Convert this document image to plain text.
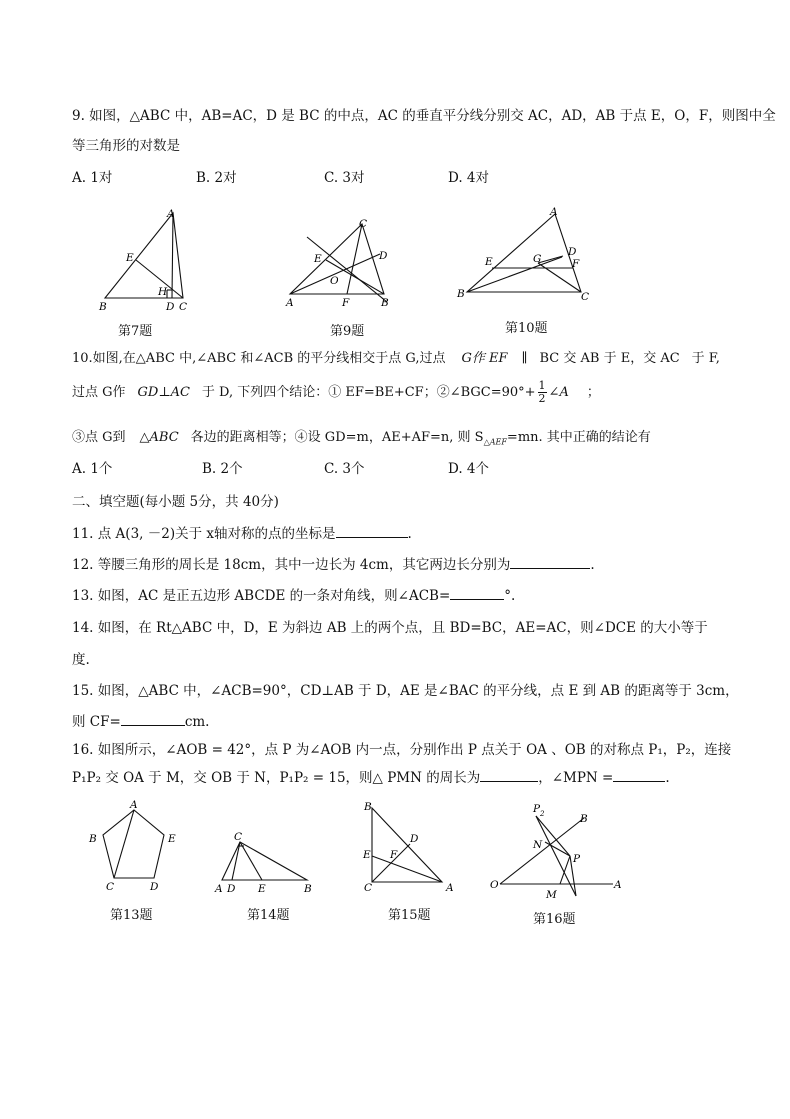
9. 如图，△ABC 中，AB=AC，D 是 BC 的中点，AC 的垂直平分线分别交 AC，AD，AB 于点 E，O，F，则图中全
等三角形的对数是
A. 1对	B. 2对	C. 3对	D. 4对
A
E
H
B	D C
第7题
C
E	D
O
A	F	B
第9题
A
D
E	G	F
B	C
第10题
10.如图,在△ABC 中,∠ABC 和∠ACB 的平分线相交于点 G,过点 G作 EF ∥ BC 交 AB 于 E，交 AC 于 F,
过点 G作 GD⊥AC 于 D, 下列四个结论：① EF=BE+CF；②∠BGC=90°+ $\frac{1}{2}$ ∠A ；
③点 G到 △ABC 各边的距离相等；④设 GD=m，AE+AF=n, 则 $S_{\triangle AEF}=mn$. 其中正确的结论有
A. 1个	B. 2个	C. 3个	D. 4个
二、填空题(每小题 5分，共 40分)
11. 点 A(3, －2)关于 x轴对称的点的坐标是	.
12. 等腰三角形的周长是 18cm，其中一边长为 4cm，其它两边长分别为	.
13. 如图，AC 是正五边形 ABCDE 的一条对角线，则∠ACB=	°.
14. 如图，在 Rt△ABC 中，D，E 为斜边 AB 上的两个点，且 BD=BC，AE=AC，则∠DCE 的大小等于
度.
15. 如图，△ABC 中，∠ACB=90°，CD⊥AB 于 D，AE 是∠BAC 的平分线，点 E 到 AB 的距离等于 3cm，
则 CF=	cm.
16. 如图所示，∠AOB = 42°，点 P 为∠AOB 内一点，分别作出 P 点关于 OA 、OB 的对称点 P₁，P₂，连接
P₁P₂ 交 OA 于 M，交 OB 于 N，P₁P₂ = 15，则△ PMN 的周长为	，∠MPN =	.
A
B	E
C	D
第13题
C
A D E	B
第14题
B
D
E F
C	A
第15题
P 2	B
N
P
O	A
M
第16题
